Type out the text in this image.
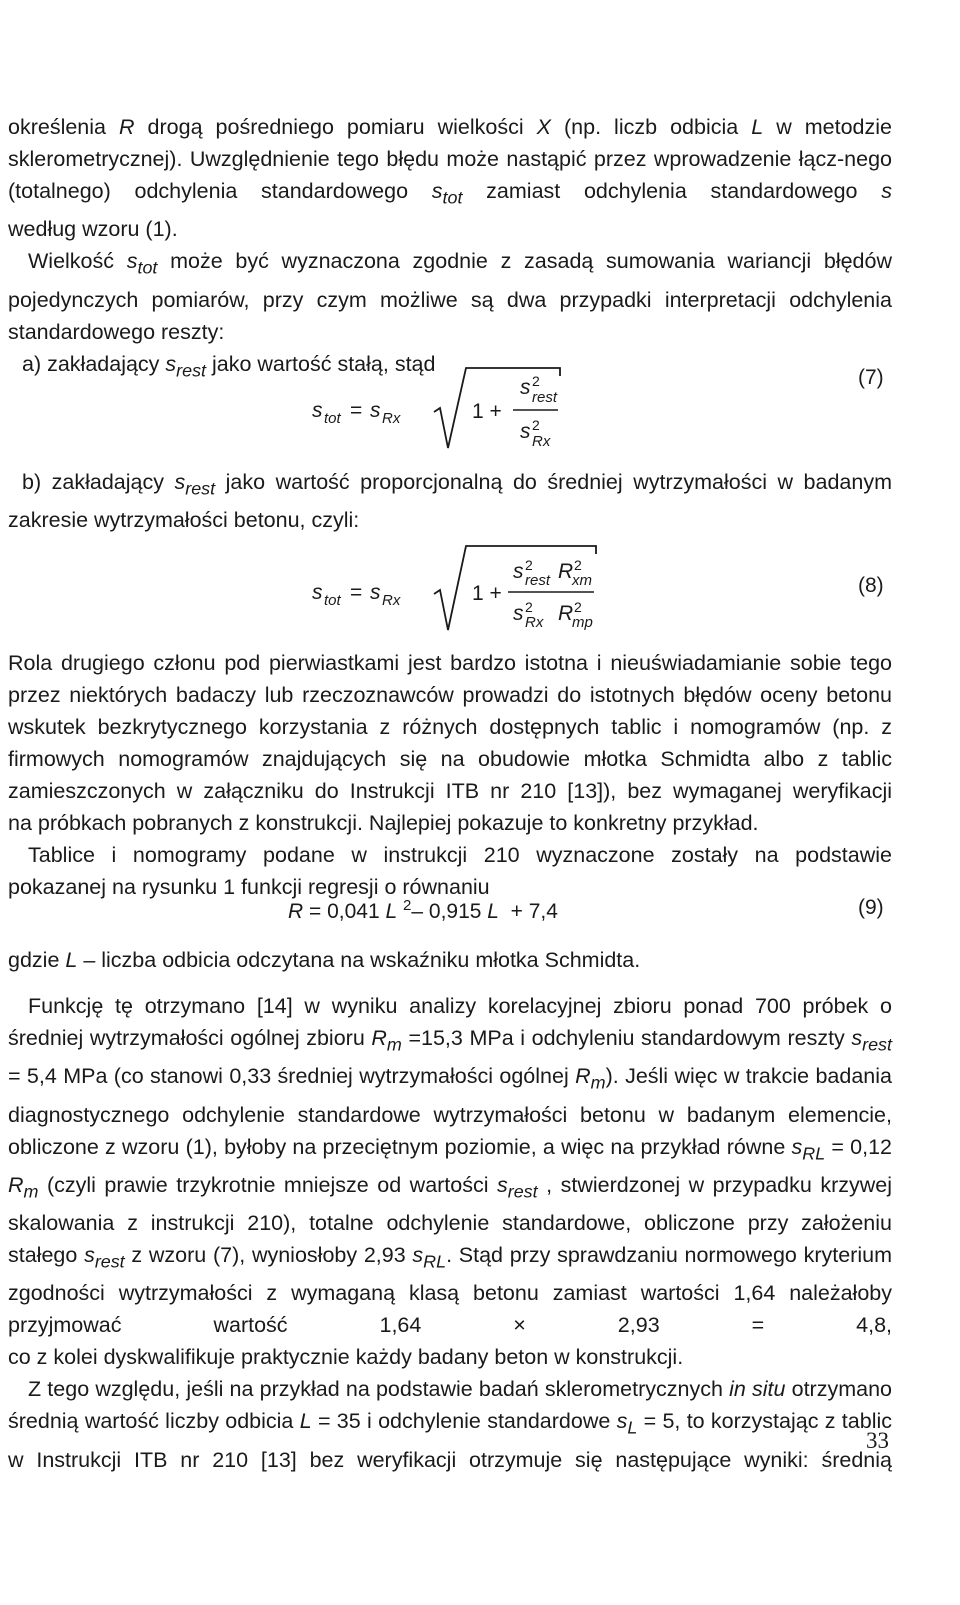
określenia R drogą pośredniego pomiaru wielkości X (np. liczb odbicia L w metodzie sklerometrycznej). Uwzględnienie tego błędu może nastąpić przez wprowadzenie łącz-nego (totalnego) odchylenia standardowego $s_{tot}$ zamiast odchylenia standardowego s

według wzoru (1).

Wielkość $s_{tot}$ może być wyznaczona zgodnie z zasadą sumowania wariancji błędów pojedynczych pomiarów, przy czym możliwe są dwa przypadki interpretacji odchylenia

standardowego reszty:

a) zakładający $s_{rest}$ jako wartość stałą, stąd

s tot = s Rx	1 +
s 2
rest
s 2
Rx
(7)

b) zakładający $s_{rest}$ jako wartość proporcjonalną do średniej wytrzymałości w badanym

zakresie wytrzymałości betonu, czyli:

s tot = s Rx	1 +
s 2
rest R 2
xm
s 2
Rx R 2
mp
(8)

Rola drugiego członu pod pierwiastkami jest bardzo istotna i nieuświadamianie sobie tego przez niektórych badaczy lub rzeczoznawców prowadzi do istotnych błędów oceny betonu wskutek bezkrytycznego korzystania z różnych dostępnych tablic i nomogramów (np. z firmowych nomogramów znajdujących się na obudowie młotka Schmidta albo z tablic zamieszczonych w załączniku do Instrukcji ITB nr 210 [13]), bez wymaganej weryfikacji

na próbkach pobranych z konstrukcji. Najlepiej pokazuje to konkretny przykład.

Tablice i nomogramy podane w instrukcji 210 wyznaczone zostały na podstawie

pokazanej na rysunku 1 funkcji regresji o równaniu

R = 0,041 L $^2$– 0,915 L  + 7,4	(9)

gdzie L – liczba odbicia odczytana na wskaźniku młotka Schmidta.

Funkcję tę otrzymano [14] w wyniku analizy korelacyjnej zbioru ponad 700 próbek o średniej wytrzymałości ogólnej zbioru $R_m =15,3$ MPa i odchyleniu standardowym reszty $s_{rest} = 5,4$ MPa (co stanowi 0,33 średniej wytrzymałości ogólnej $R_m$). Jeśli więc w trakcie badania diagnostycznego odchylenie standardowe wytrzymałości betonu w badanym elemencie, obliczone z wzoru (1), byłoby na przeciętnym poziomie, a więc na przykład równe $s_{RL} = 0,12$ $R_m$ (czyli prawie trzykrotnie mniejsze od wartości $s_{rest}$ , stwierdzonej w przypadku krzywej skalowania z instrukcji 210), totalne odchylenie standardowe, obliczone przy założeniu stałego $s_{rest}$ z wzoru (7), wyniosłoby 2,93 $s_{RL}$. Stąd przy sprawdzaniu normowego kryterium zgodności wytrzymałości z wymaganą klasą betonu zamiast wartości 1,64 należałoby przyjmować wartość 1,64 × 2,93 = 4,8,

co z kolei dyskwalifikuje praktycznie każdy badany beton w konstrukcji.

Z tego względu, jeśli na przykład na podstawie badań sklerometrycznych in situ otrzymano średnią wartość liczby odbicia L = 35 i odchylenie standardowe $s_L = 5$, to korzystając z tablic w Instrukcji ITB nr 210 [13] bez weryfikacji otrzymuje się następujące wyniki: średnią

33
